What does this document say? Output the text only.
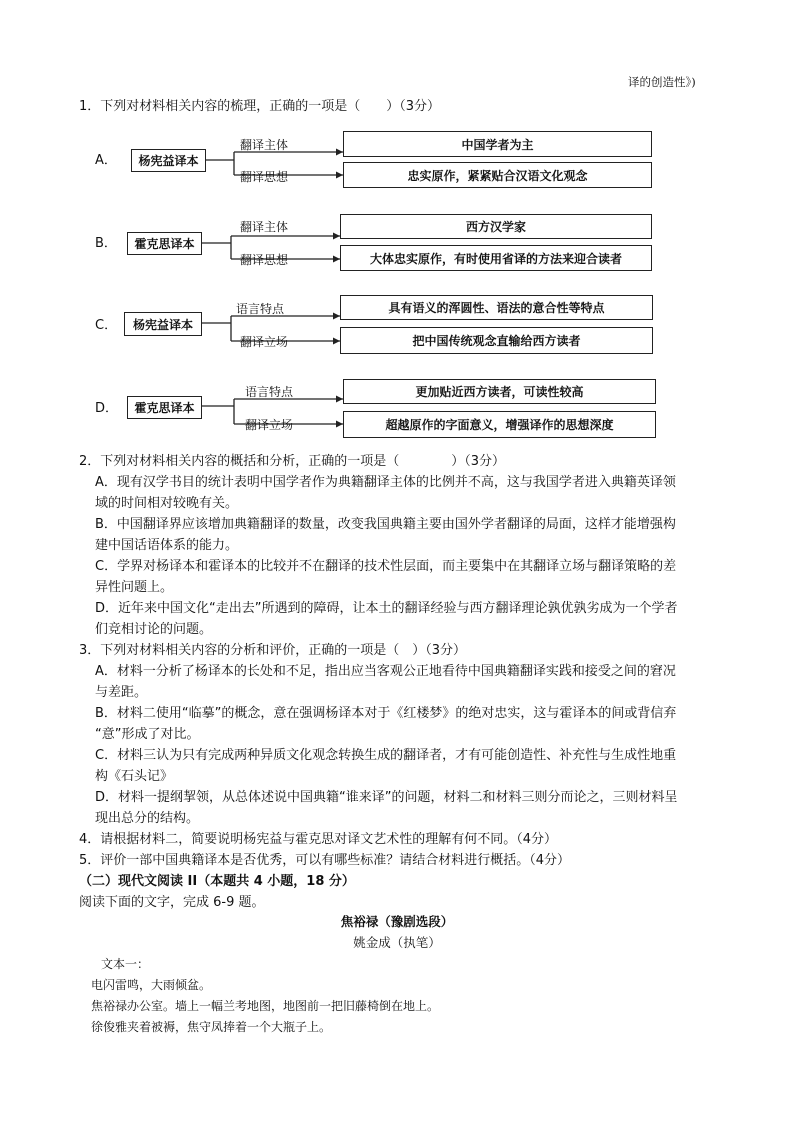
译的创造性》)
1．下列对材料相关内容的梳理，正确的一项是（　　）（3分）
A．	杨宪益译本
翻译主体
翻译思想
中国学者为主
忠实原作，紧紧贴合汉语文化观念
B．	霍克思译本
翻译主体
翻译思想
西方汉学家
大体忠实原作，有时使用省译的方法来迎合读者
C．	杨宪益译本
语言特点
翻译立场
具有语义的浑圆性、语法的意合性等特点
把中国传统观念直输给西方读者
D．	霍克思译本
语言特点
翻译立场
更加贴近西方读者，可读性较高
超越原作的字面意义，增强译作的思想深度
2．下列对材料相关内容的概括和分析，正确的一项是（　　　　）（3分）
A．现有汉学书目的统计表明中国学者作为典籍翻译主体的比例并不高，这与我国学者进入典籍英译领
域的时间相对较晚有关。
B．中国翻译界应该增加典籍翻译的数量，改变我国典籍主要由国外学者翻译的局面，这样才能增强构
建中国话语体系的能力。
C．学界对杨译本和霍译本的比较并不在翻译的技术性层面，而主要集中在其翻译立场与翻译策略的差
异性问题上。
D．近年来中国文化“走出去”所遇到的障碍，让本土的翻译经验与西方翻译理论孰优孰劣成为一个学者
们竞相讨论的问题。
3．下列对材料相关内容的分析和评价，正确的一项是（　）（3分）
A．材料一分析了杨译本的长处和不足，指出应当客观公正地看待中国典籍翻译实践和接受之间的窘况
与差距。
B．材料二使用“临摹”的概念，意在强调杨译本对于《红楼梦》的绝对忠实，这与霍译本的间或背信弃
“意”形成了对比。
C．材料三认为只有完成两种异质文化观念转换生成的翻译者，才有可能创造性、补充性与生成性地重
构《石头记》
D．材料一提纲挈领，从总体述说中国典籍“谁来译”的问题，材料二和材料三则分而论之，三则材料呈
现出总分的结构。
4．请根据材料二，简要说明杨宪益与霍克思对译文艺术性的理解有何不同。（4分）
5．评价一部中国典籍译本是否优秀，可以有哪些标准？请结合材料进行概括。（4分）
（二）现代文阅读 II（本题共 4 小题，18 分）
阅读下面的文字，完成 6-9 题。
焦裕禄（豫剧选段）
姚金成（执笔）
文本一：
电闪雷鸣，大雨倾盆。
焦裕禄办公室。墙上一幅兰考地图，地图前一把旧藤椅倒在地上。
徐俊雅夹着被褥，焦守凤捧着一个大瓶子上。
